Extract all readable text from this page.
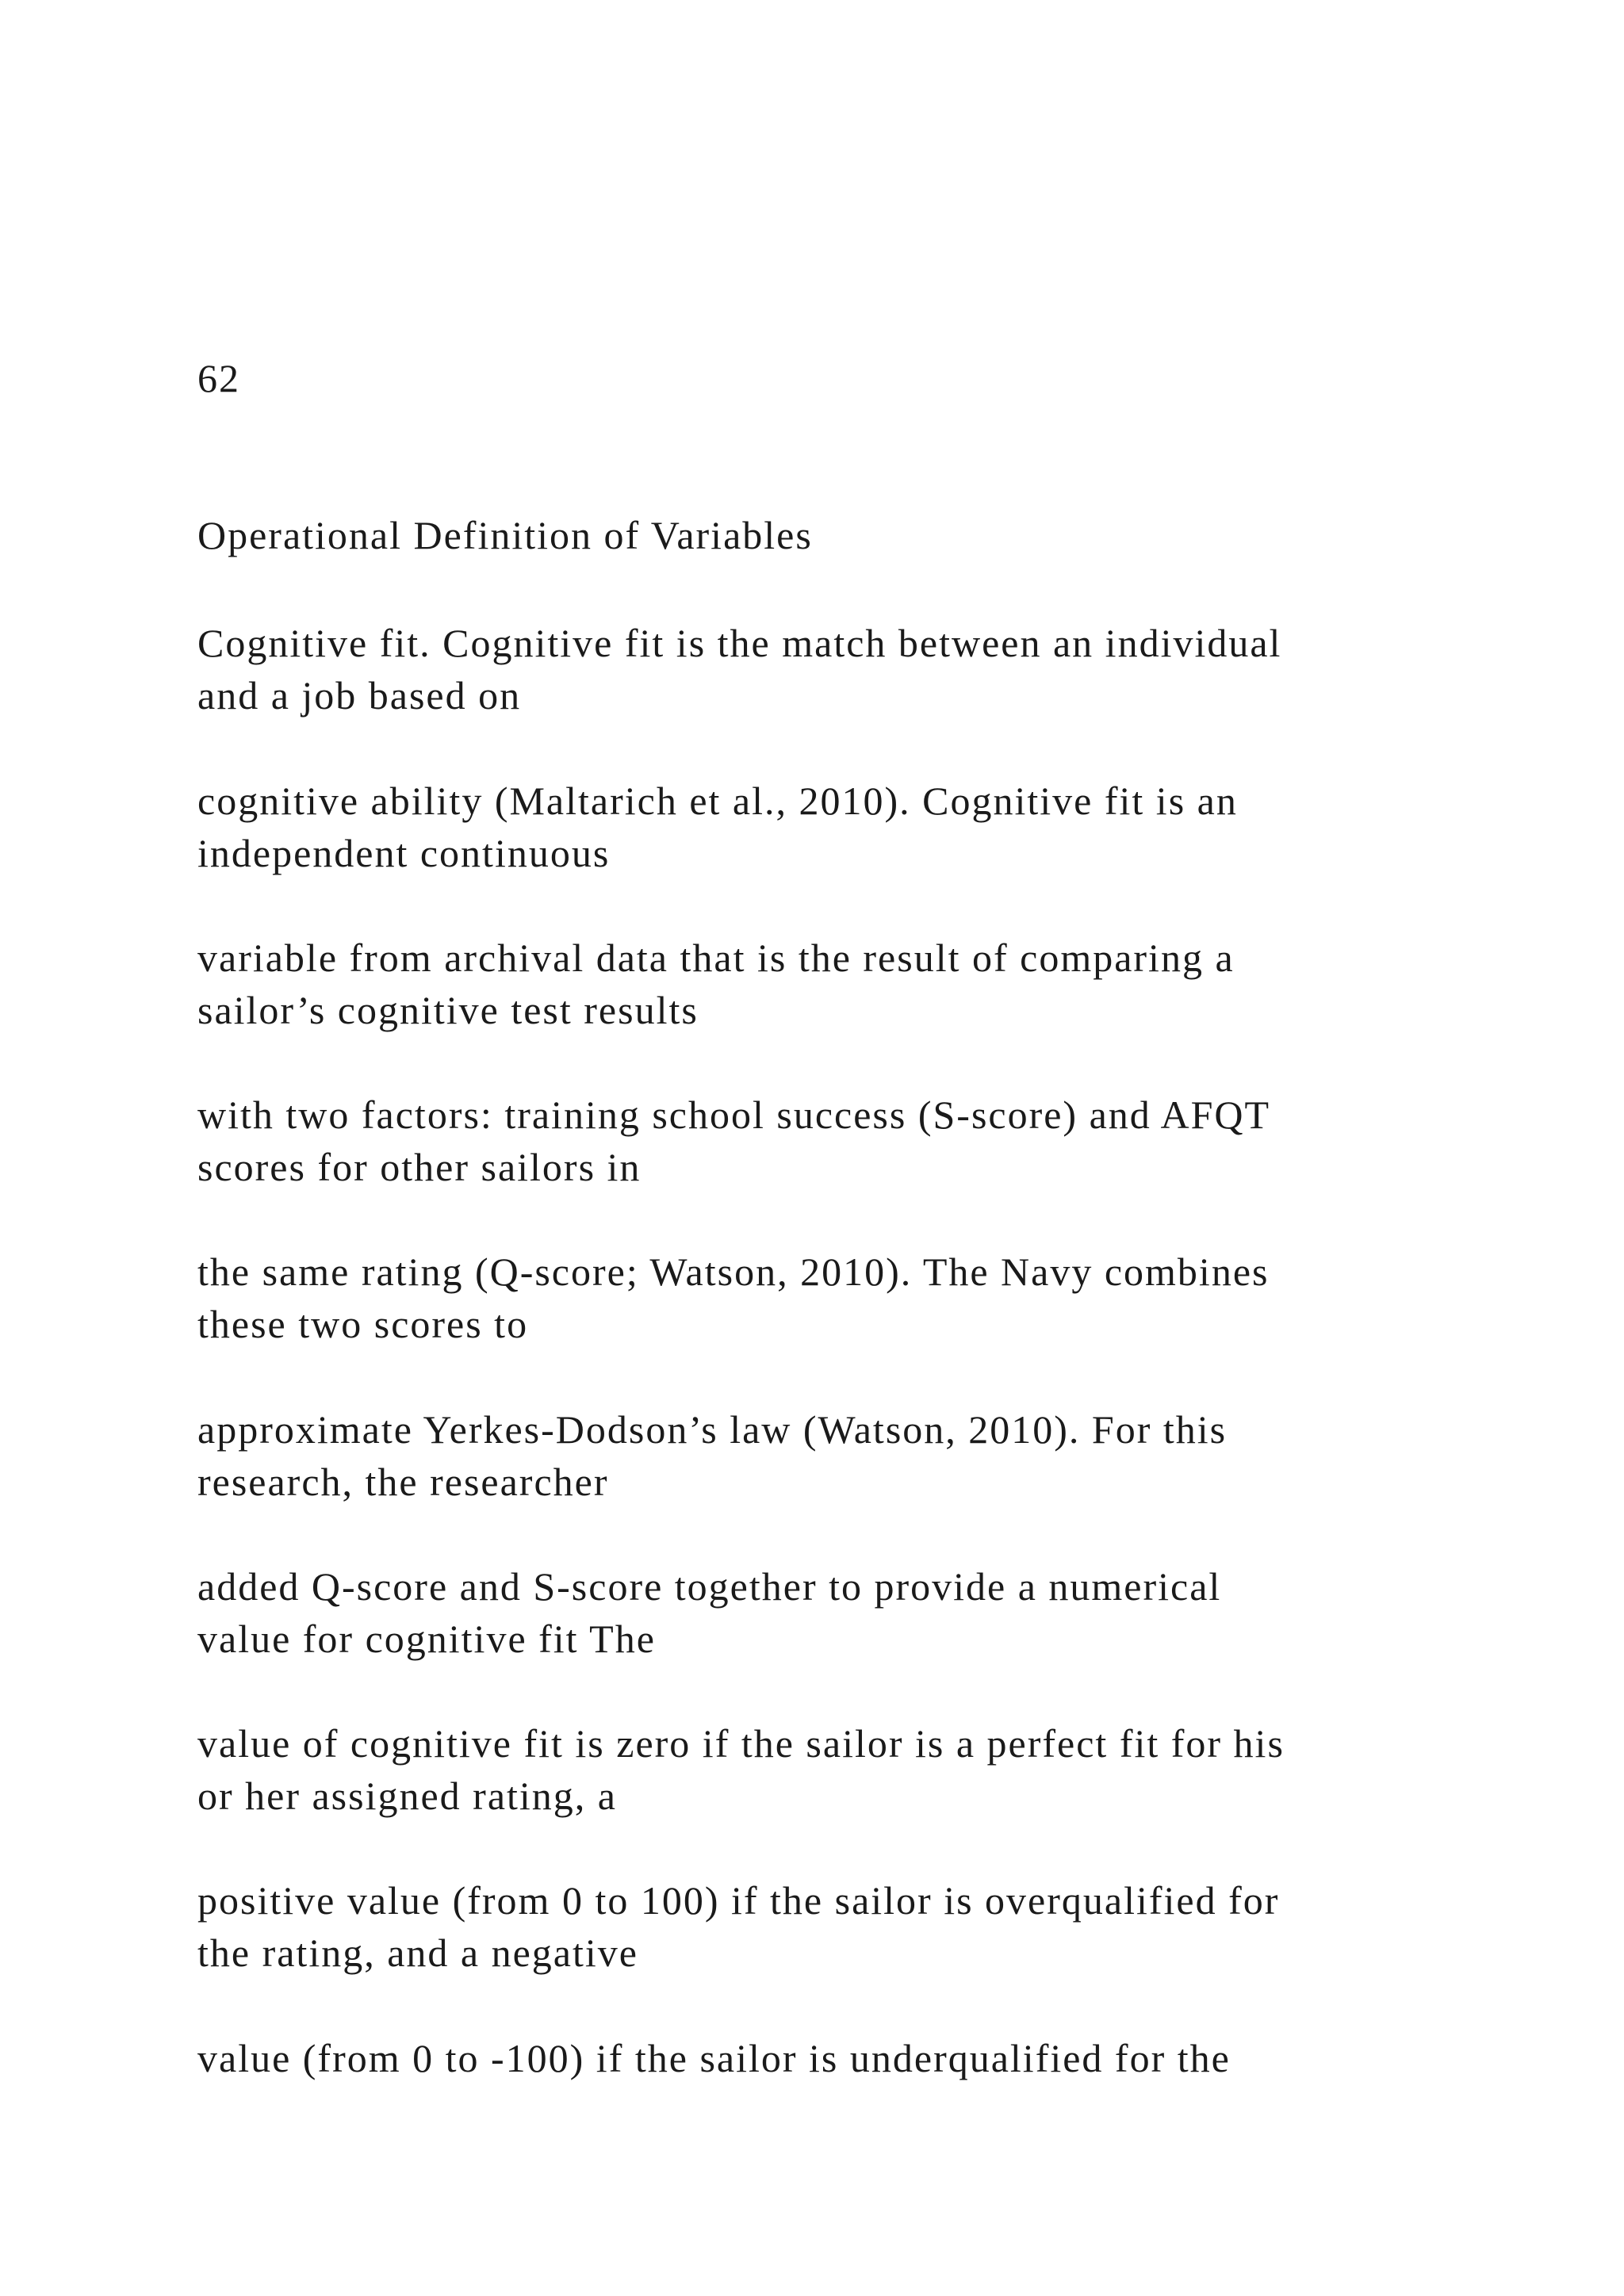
62
Operational Definition of Variables
Cognitive fit. Cognitive fit is the match between an individual
and a job based on
cognitive ability (Maltarich et al., 2010). Cognitive fit is an
independent continuous
variable from archival data that is the result of comparing a
sailor’s cognitive test results
with two factors: training school success (S-score) and AFQT
scores for other sailors in
the same rating (Q-score; Watson, 2010). The Navy combines
these two scores to
approximate Yerkes-Dodson’s law (Watson, 2010). For this
research, the researcher
added Q-score and S-score together to provide a numerical
value for cognitive fit The
value of cognitive fit is zero if the sailor is a perfect fit for his
or her assigned rating, a
positive value (from 0 to 100) if the sailor is overqualified for
the rating, and a negative
value (from 0 to -100) if the sailor is underqualified for the
